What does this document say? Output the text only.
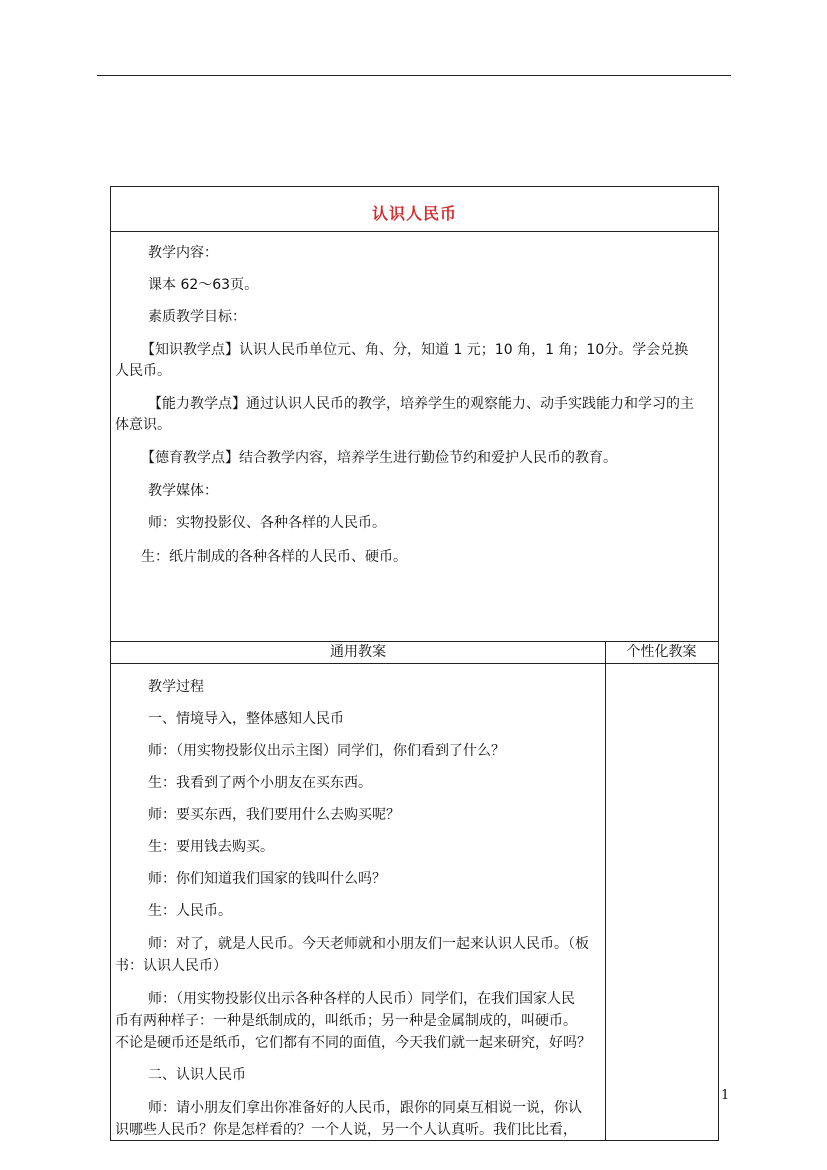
认识人民币

教学内容：

课本 62～63页。

素质教学目标：

【知识教学点】认识人民币单位元、角、分，知道 1 元；10 角，1 角；10分。学会兑换

人民币。

【能力教学点】通过认识人民币的教学，培养学生的观察能力、动手实践能力和学习的主

体意识。

【德育教学点】结合教学内容，培养学生进行勤俭节约和爱护人民币的教育。

教学媒体：

师：实物投影仪、各种各样的人民币。

生：纸片制成的各种各样的人民币、硬币。

通用教案	个性化教案

教学过程

一、情境导入，整体感知人民币

师：（用实物投影仪出示主图）同学们，你们看到了什么？

生：我看到了两个小朋友在买东西。

师：要买东西，我们要用什么去购买呢？

生：要用钱去购买。

师：你们知道我们国家的钱叫什么吗？

生：人民币。

师：对了，就是人民币。今天老师就和小朋友们一起来认识人民币。（板

书：认识人民币）

师：（用实物投影仪出示各种各样的人民币）同学们，在我们国家人民

币有两种样子：一种是纸制成的，叫纸币；另一种是金属制成的，叫硬币。

不论是硬币还是纸币，它们都有不同的面值，今天我们就一起来研究，好吗？

二、认识人民币

师：请小朋友们拿出你准备好的人民币，跟你的同桌互相说一说，你认

识哪些人民币？你是怎样看的？一个人说，另一个人认真听。我们比比看，

1
